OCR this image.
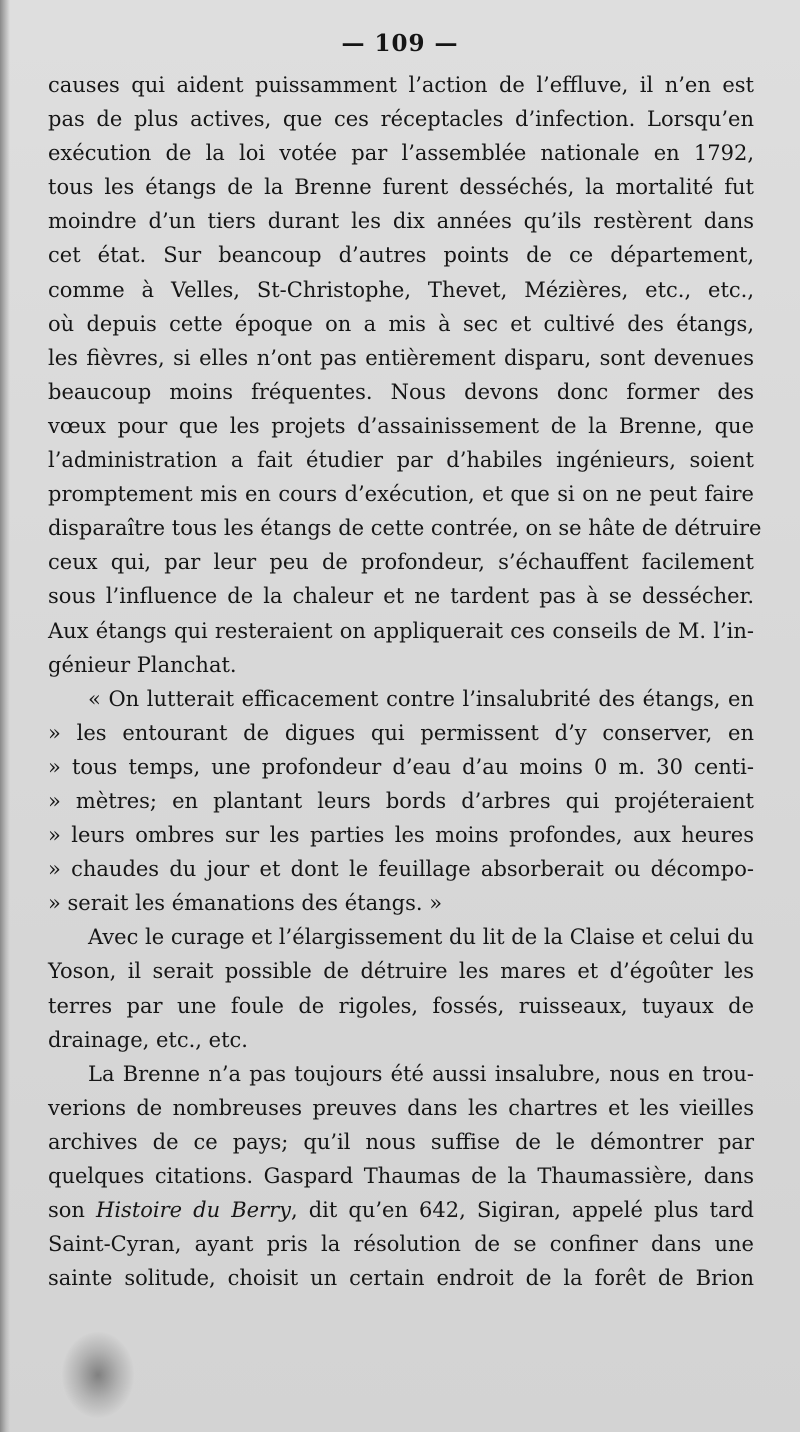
— 109 —
causes qui aident puissamment l’action de l’effluve, il n’en est
pas de plus actives, que ces réceptacles d’infection. Lorsqu’en
exécution de la loi votée par l’assemblée nationale en 1792,
tous les étangs de la Brenne furent desséchés, la mortalité fut
moindre d’un tiers durant les dix années qu’ils restèrent dans
cet état. Sur beancoup d’autres points de ce département,
comme à Velles, St-Christophe, Thevet, Mézières, etc., etc.,
où depuis cette époque on a mis à sec et cultivé des étangs,
les fièvres, si elles n’ont pas entièrement disparu, sont devenues
beaucoup moins fréquentes. Nous devons donc former des
vœux pour que les projets d’assainissement de la Brenne, que
l’administration a fait étudier par d’habiles ingénieurs, soient
promptement mis en cours d’exécution, et que si on ne peut faire
disparaître tous les étangs de cette contrée, on se hâte de détruire
ceux qui, par leur peu de profondeur, s’échauffent facilement
sous l’influence de la chaleur et ne tardent pas à se dessécher.
Aux étangs qui resteraient on appliquerait ces conseils de M. l’in-
génieur Planchat.
« On lutterait efficacement contre l’insalubrité des étangs, en
» les entourant de digues qui permissent d’y conserver, en
» tous temps, une profondeur d’eau d’au moins 0 m. 30 centi-
» mètres; en plantant leurs bords d’arbres qui projéteraient
» leurs ombres sur les parties les moins profondes, aux heures
» chaudes du jour et dont le feuillage absorberait ou décompo-
» serait les émanations des étangs. »
Avec le curage et l’élargissement du lit de la Claise et celui du
Yoson, il serait possible de détruire les mares et d’égoûter les
terres par une foule de rigoles, fossés, ruisseaux, tuyaux de
drainage, etc., etc.
La Brenne n’a pas toujours été aussi insalubre, nous en trou-
verions de nombreuses preuves dans les chartres et les vieilles
archives de ce pays; qu’il nous suffise de le démontrer par
quelques citations. Gaspard Thaumas de la Thaumassière, dans
son Histoire du Berry, dit qu’en 642, Sigiran, appelé plus tard
Saint-Cyran, ayant pris la résolution de se confiner dans une
sainte solitude, choisit un certain endroit de la forêt de Brion
